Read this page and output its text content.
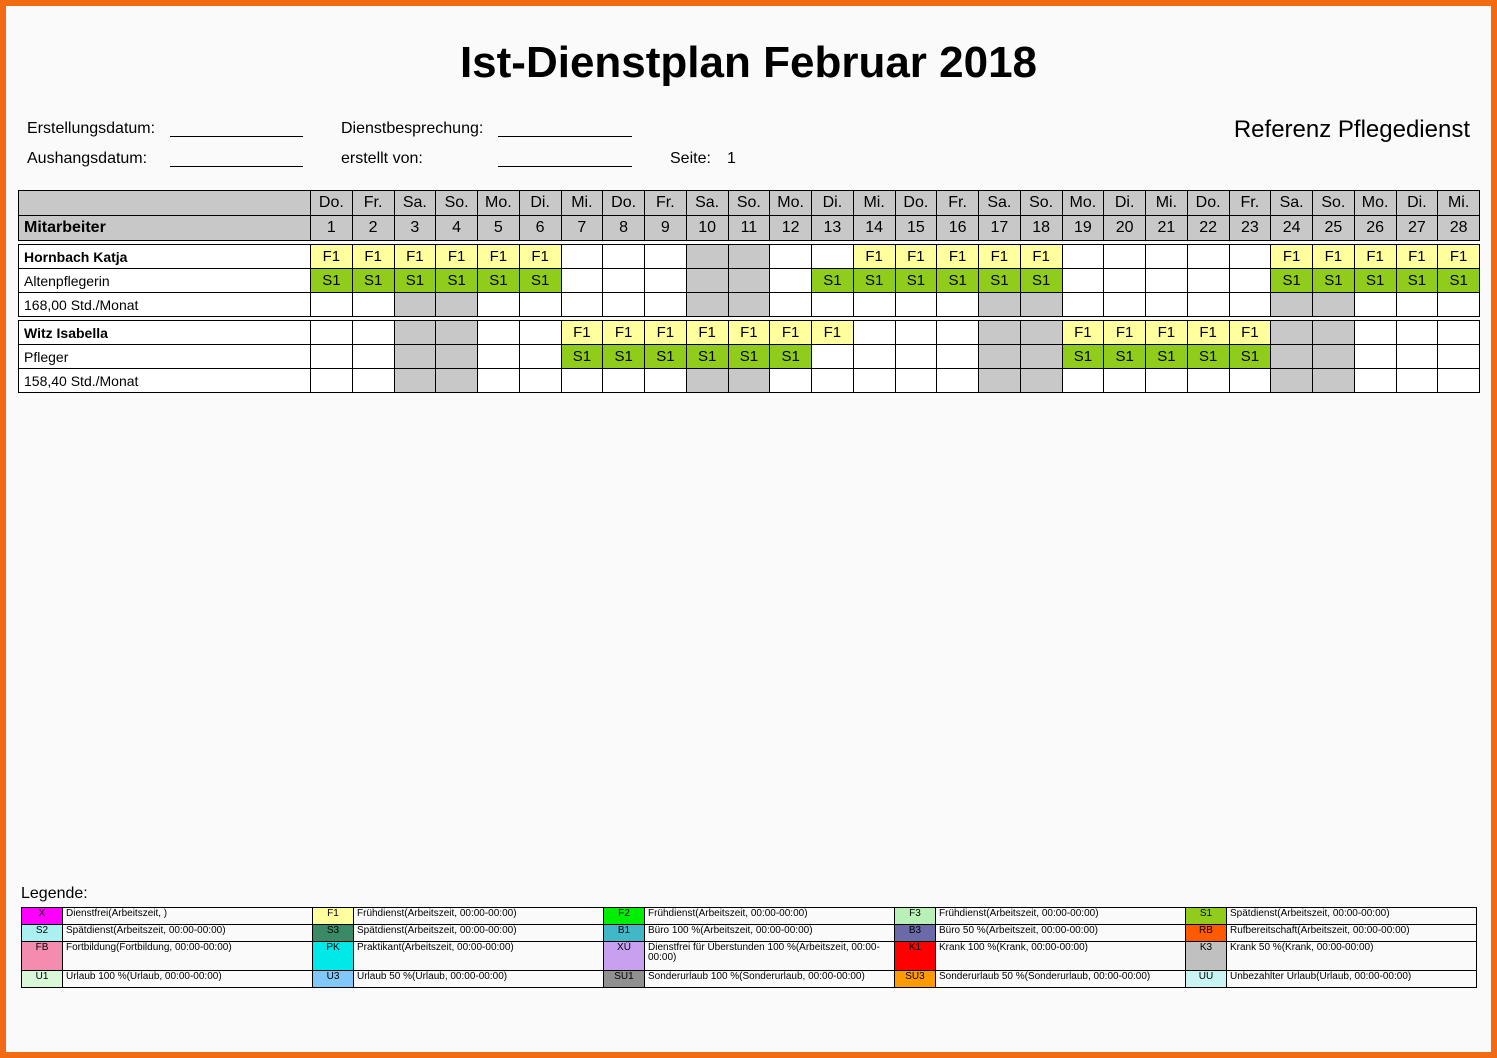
Ist-Dienstplan Februar 2018
Erstellungsdatum:	Dienstbesprechung:
Aushangsdatum:	erstellt von:	Seite: 1
Referenz Pflegedienst
	Do.	Fr.	Sa.	So.	Mo.	Di.	Mi.	Do.	Fr.	Sa.	So.	Mo.	Di.	Mi.	Do.	Fr.	Sa.	So.	Mo.	Di.	Mi.	Do.	Fr.	Sa.	So.	Mo.	Di.	Mi.
Mitarbeiter	1	2	3	4	5	6	7	8	9	10	11	12	13	14	15	16	17	18	19	20	21	22	23	24	25	26	27	28

Hornbach Katja	F1	F1	F1	F1	F1	F1								F1	F1	F1	F1	F1						F1	F1	F1	F1	F1
Altenpflegerin	S1	S1	S1	S1	S1	S1							S1	S1	S1	S1	S1	S1						S1	S1	S1	S1	S1
168,00 Std./Monat																												

Witz Isabella							F1	F1	F1	F1	F1	F1	F1						F1	F1	F1	F1	F1					
Pfleger							S1	S1	S1	S1	S1	S1							S1	S1	S1	S1	S1					
158,40 Std./Monat																												
Legende:
X	Dienstfrei(Arbeitszeit, )	F1	Frühdienst(Arbeitszeit, 00:00-00:00)	F2	Frühdienst(Arbeitszeit, 00:00-00:00)	F3	Frühdienst(Arbeitszeit, 00:00-00:00)	S1	Spätdienst(Arbeitszeit, 00:00-00:00)
S2	Spätdienst(Arbeitszeit, 00:00-00:00)	S3	Spätdienst(Arbeitszeit, 00:00-00:00)	B1	Büro 100 %(Arbeitszeit, 00:00-00:00)	B3	Büro 50 %(Arbeitszeit, 00:00-00:00)	RB	Rufbereitschaft(Arbeitszeit, 00:00-00:00)
FB	Fortbildung(Fortbildung, 00:00-00:00)	PK	Praktikant(Arbeitszeit, 00:00-00:00)	XÜ	Dienstfrei für Überstunden 100 %(Arbeitszeit, 00:00-00:00)	K1	Krank 100 %(Krank, 00:00-00:00)	K3	Krank 50 %(Krank, 00:00-00:00)
U1	Urlaub 100 %(Urlaub, 00:00-00:00)	U3	Urlaub 50 %(Urlaub, 00:00-00:00)	SU1	Sonderurlaub 100 %(Sonderurlaub, 00:00-00:00)	SU3	Sonderurlaub 50 %(Sonderurlaub, 00:00-00:00)	UU	Unbezahlter Urlaub(Urlaub, 00:00-00:00)
